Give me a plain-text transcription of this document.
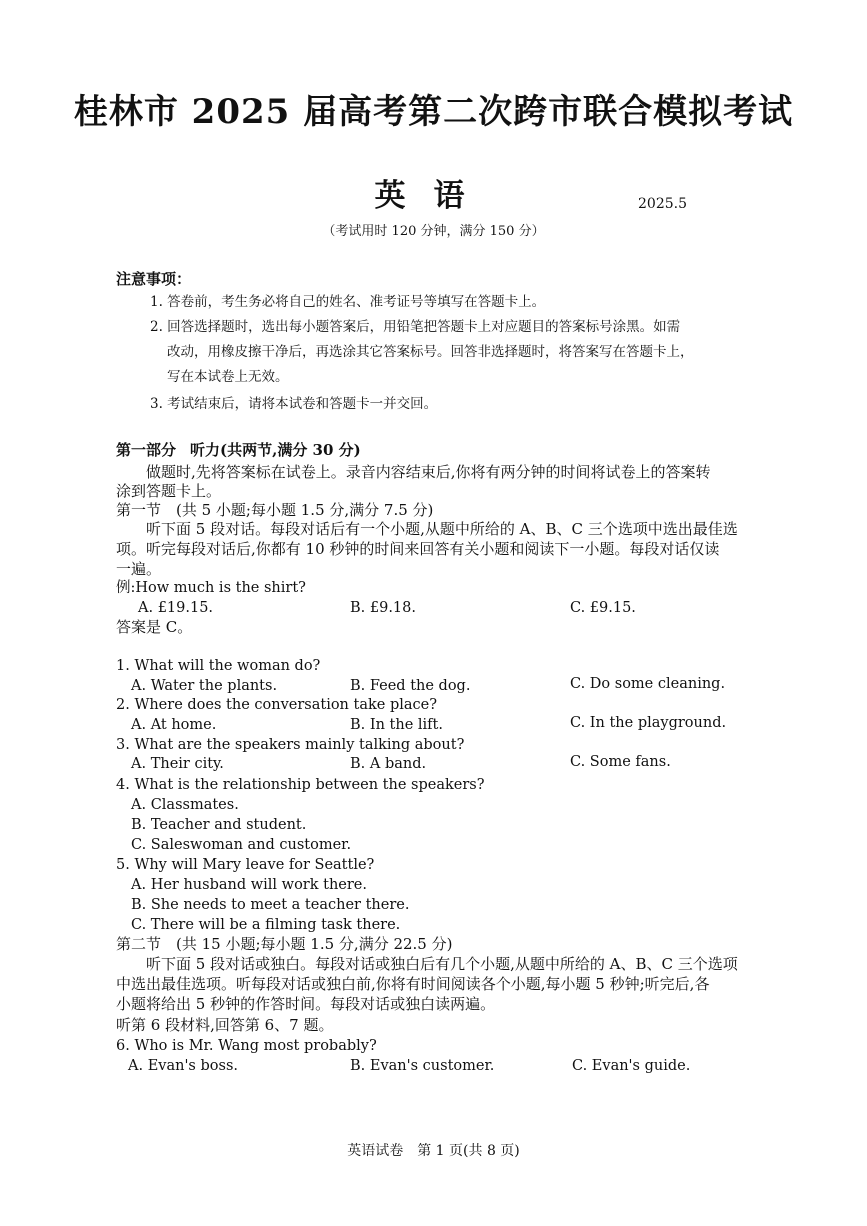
桂林市 2025 届高考第二次跨市联合模拟考试
英语	2025.5
（考试用时 120 分钟，满分 150 分）
注意事项：
1. 答卷前，考生务必将自己的姓名、准考证号等填写在答题卡上。
2. 回答选择题时，选出每小题答案后，用铅笔把答题卡上对应题目的答案标号涂黑。如需
改动，用橡皮擦干净后，再选涂其它答案标号。回答非选择题时，将答案写在答题卡上，
写在本试卷上无效。
3. 考试结束后，请将本试卷和答题卡一并交回。
第一部分 听力(共两节,满分 30 分)
做题时,先将答案标在试卷上。录音内容结束后,你将有两分钟的时间将试卷上的答案转
涂到答题卡上。
第一节　(共 5 小题;每小题 1.5 分,满分 7.5 分)
听下面 5 段对话。每段对话后有一个小题,从题中所给的 A、B、C 三个选项中选出最佳选
项。听完每段对话后,你都有 10 秒钟的时间来回答有关小题和阅读下一小题。每段对话仅读
一遍。
例:How much is the shirt?
A. £19.15.	B. £9.18.	C. £9.15.
答案是 C。
1. What will the woman do?
A. Water the plants.	B. Feed the dog.	C. Do some cleaning.
2. Where does the conversation take place?
A. At home.	B. In the lift.	C. In the playground.
3. What are the speakers mainly talking about?
A. Their city.	B. A band.	C. Some fans.
4. What is the relationship between the speakers?
A. Classmates.
B. Teacher and student.
C. Saleswoman and customer.
5. Why will Mary leave for Seattle?
A. Her husband will work there.
B. She needs to meet a teacher there.
C. There will be a filming task there.
第二节　(共 15 小题;每小题 1.5 分,满分 22.5 分)
听下面 5 段对话或独白。每段对话或独白后有几个小题,从题中所给的 A、B、C 三个选项
中选出最佳选项。听每段对话或独白前,你将有时间阅读各个小题,每小题 5 秒钟;听完后,各
小题将给出 5 秒钟的作答时间。每段对话或独白读两遍。
听第 6 段材料,回答第 6、7 题。
6. Who is Mr. Wang most probably?
A. Evan's boss.	B. Evan's customer.	C. Evan's guide.
英语试卷　第 1 页(共 8 页)
